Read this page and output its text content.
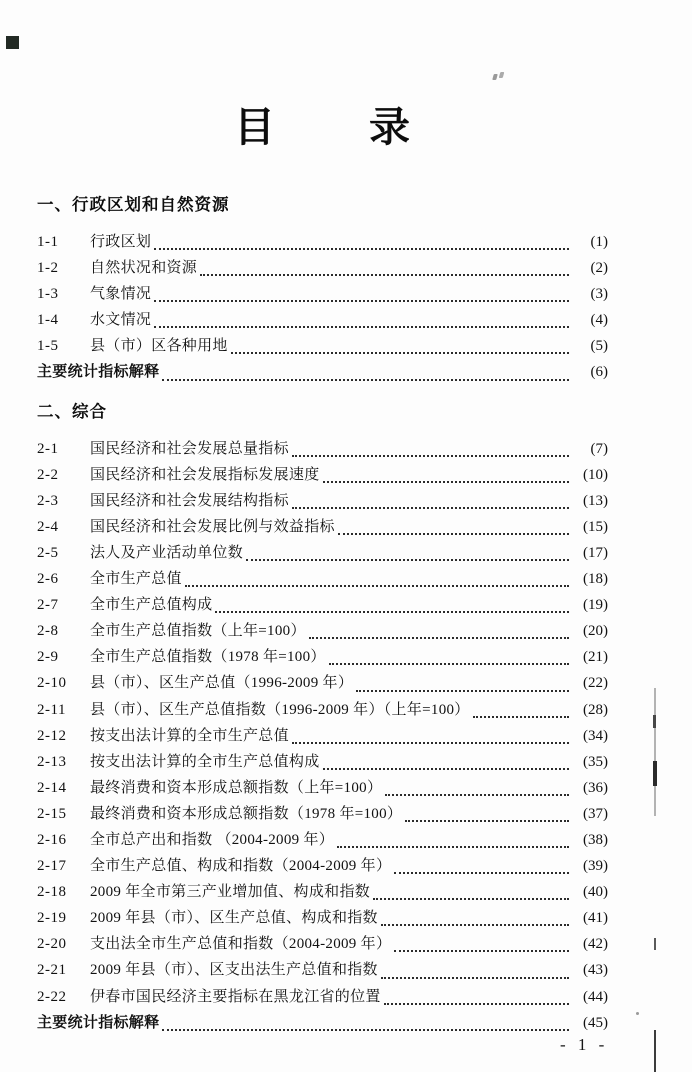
目 录
一、行政区划和自然资源
1-1	行政区划	(1)
1-2	自然状况和资源	(2)
1-3	气象情况	(3)
1-4	水文情况	(4)
1-5	县（市）区各种用地	(5)
主要统计指标解释	(6)
二、综合
2-1	国民经济和社会发展总量指标	(7)
2-2	国民经济和社会发展指标发展速度	(10)
2-3	国民经济和社会发展结构指标	(13)
2-4	国民经济和社会发展比例与效益指标	(15)
2-5	法人及产业活动单位数	(17)
2-6	全市生产总值	(18)
2-7	全市生产总值构成	(19)
2-8	全市生产总值指数（上年=100）	(20)
2-9	全市生产总值指数（1978 年=100）	(21)
2-10	县（市）、区生产总值（1996-2009 年）	(22)
2-11	县（市）、区生产总值指数（1996-2009 年）（上年=100）	(28)
2-12	按支出法计算的全市生产总值	(34)
2-13	按支出法计算的全市生产总值构成	(35)
2-14	最终消费和资本形成总额指数（上年=100）	(36)
2-15	最终消费和资本形成总额指数（1978 年=100）	(37)
2-16	全市总产出和指数 （2004-2009 年）	(38)
2-17	全市生产总值、构成和指数（2004-2009 年）	(39)
2-18	2009 年全市第三产业增加值、构成和指数	(40)
2-19	2009 年县（市）、区生产总值、构成和指数	(41)
2-20	支出法全市生产总值和指数（2004-2009 年）	(42)
2-21	2009 年县（市）、区支出法生产总值和指数	(43)
2-22	伊春市国民经济主要指标在黑龙江省的位置	(44)
主要统计指标解释	(45)
- 1 -
